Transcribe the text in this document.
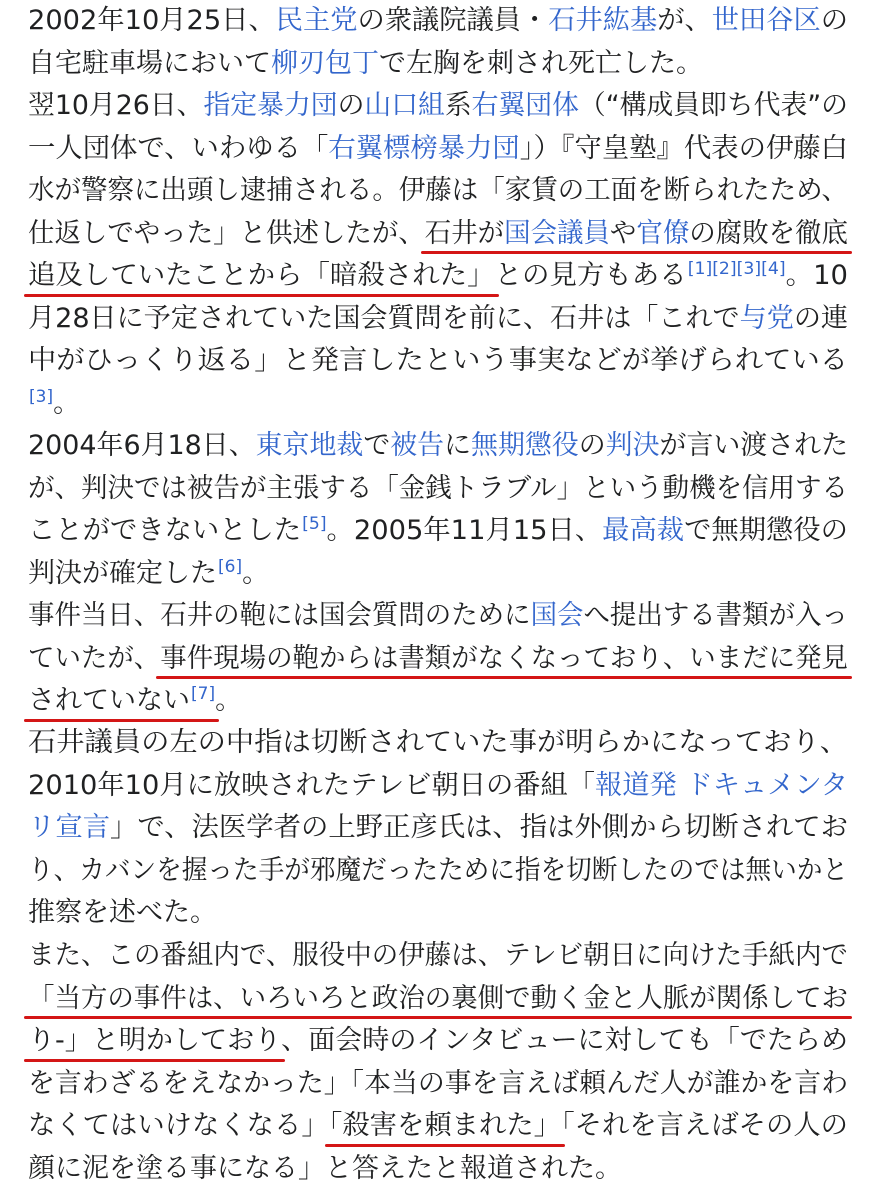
2002年10月25日、民主党の衆議院議員・石井紘基が、世田谷区の
自宅駐車場において柳刃包丁で左胸を刺され死亡した。
翌10月26日、指定暴力団の山口組系右翼団体（“構成員即ち代表”の
一人団体で、いわゆる「右翼標榜暴力団」）『守皇塾』代表の伊藤白
水が警察に出頭し逮捕される。伊藤は「家賃の工面を断られたため、
仕返しでやった」と供述したが、石井が国会議員や官僚の腐敗を徹底
追及していたことから「暗殺された」との見方もある[1][2][3][4]。10
月28日に予定されていた国会質問を前に、石井は「これで与党の連
中がひっくり返る」と発言したという事実などが挙げられている
[3]。
2004年6月18日、東京地裁で被告に無期懲役の判決が言い渡された
が、判決では被告が主張する「金銭トラブル」という動機を信用する
ことができないとした[5]。2005年11月15日、最高裁で無期懲役の
判決が確定した[6]。
事件当日、石井の鞄には国会質問のために国会へ提出する書類が入っ
ていたが、事件現場の鞄からは書類がなくなっており、いまだに発見
されていない[7]。
石井議員の左の中指は切断されていた事が明らかになっており、
2010年10月に放映されたテレビ朝日の番組「報道発 ドキュメンタ
リ宣言」で、法医学者の上野正彦氏は、指は外側から切断されてお
り、カバンを握った手が邪魔だったために指を切断したのでは無いかと
推察を述べた。
また、この番組内で、服役中の伊藤は、テレビ朝日に向けた手紙内で
「当方の事件は、いろいろと政治の裏側で動く金と人脈が関係してお
り-」と明かしており、面会時のインタビューに対しても「でたらめ
を言わざるをえなかった」「本当の事を言えば頼んだ人が誰かを言わ
なくてはいけなくなる」「殺害を頼まれた」「それを言えばその人の
顔に泥を塗る事になる」と答えたと報道された。
